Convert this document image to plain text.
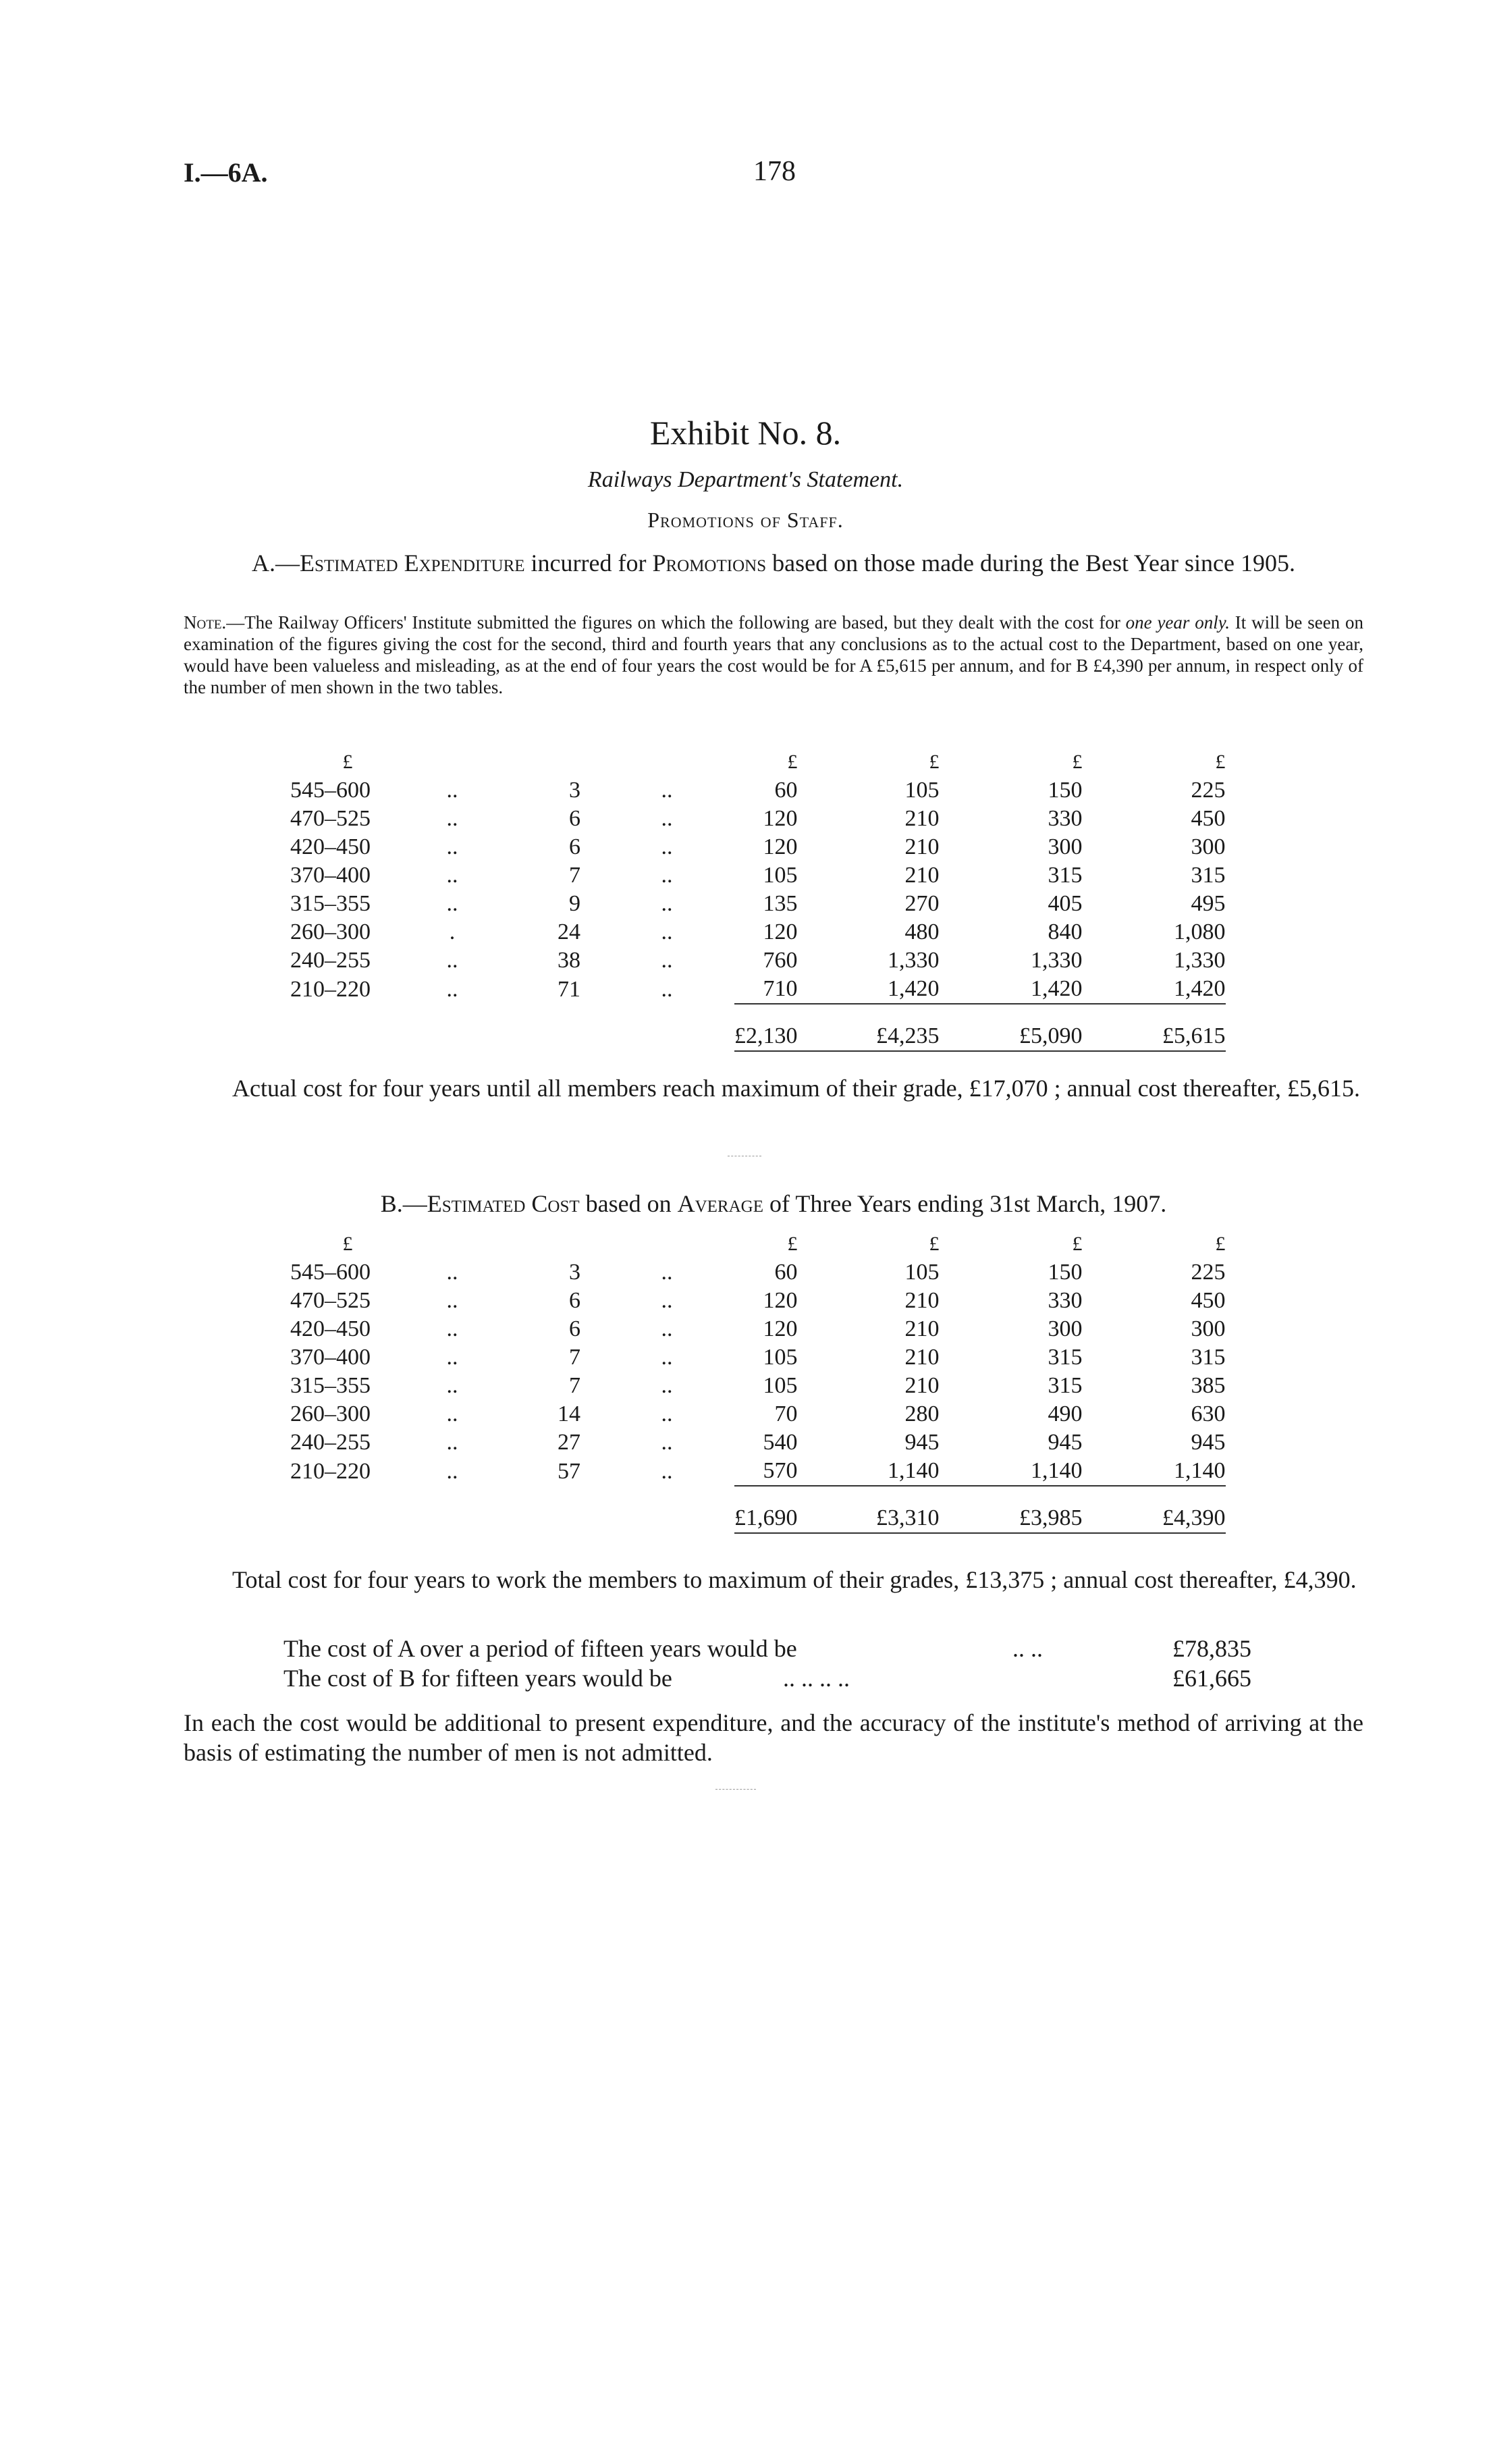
I.—6A.	178
Exhibit No. 8.
Railways Department's Statement.
Promotions of Staff.
A.—Estimated Expenditure incurred for Promotions based on those made during the Best Year since 1905.
Note.—The Railway Officers' Institute submitted the figures on which the following are based, but they dealt with the cost for one year only. It will be seen on examination of the figures giving the cost for the second, third and fourth years that any conclusions as to the actual cost to the Department, based on one year, would have been valueless and misleading, as at the end of four years the cost would be for A £5,615 per annum, and for B £4,390 per annum, in respect only of the number of men shown in the two tables.
£				£	£	£	£
545–600	..	3	..	60	105	150	225
470–525	..	6	..	120	210	330	450
420–450	..	6	..	120	210	300	300
370–400	..	7	..	105	210	315	315
315–355	..	9	..	135	270	405	495
260–300	.	24	..	120	480	840	1,080
240–255	..	38	..	760	1,330	1,330	1,330
210–220	..	71	..	710	1,420	1,420	1,420
				£2,130	£4,235	£5,090	£5,615
Actual cost for four years until all members reach maximum of their grade, £17,070 ; annual cost thereafter, £5,615.
B.—Estimated Cost based on Average of Three Years ending 31st March, 1907.
£				£	£	£	£
545–600	..	3	..	60	105	150	225
470–525	..	6	..	120	210	330	450
420–450	..	6	..	120	210	300	300
370–400	..	7	..	105	210	315	315
315–355	..	7	..	105	210	315	385
260–300	..	14	..	70	280	490	630
240–255	..	27	..	540	945	945	945
210–220	..	57	..	570	1,140	1,140	1,140
				£1,690	£3,310	£3,985	£4,390
Total cost for four years to work the members to maximum of their grades, £13,375 ; annual cost thereafter, £4,390.
The cost of A over a period of fifteen years would be	.. ..	£78,835
The cost of B for fifteen years would be	.. .. .. ..	£61,665
In each the cost would be additional to present expenditure, and the accuracy of the institute's method of arriving at the basis of estimating the number of men is not admitted.
